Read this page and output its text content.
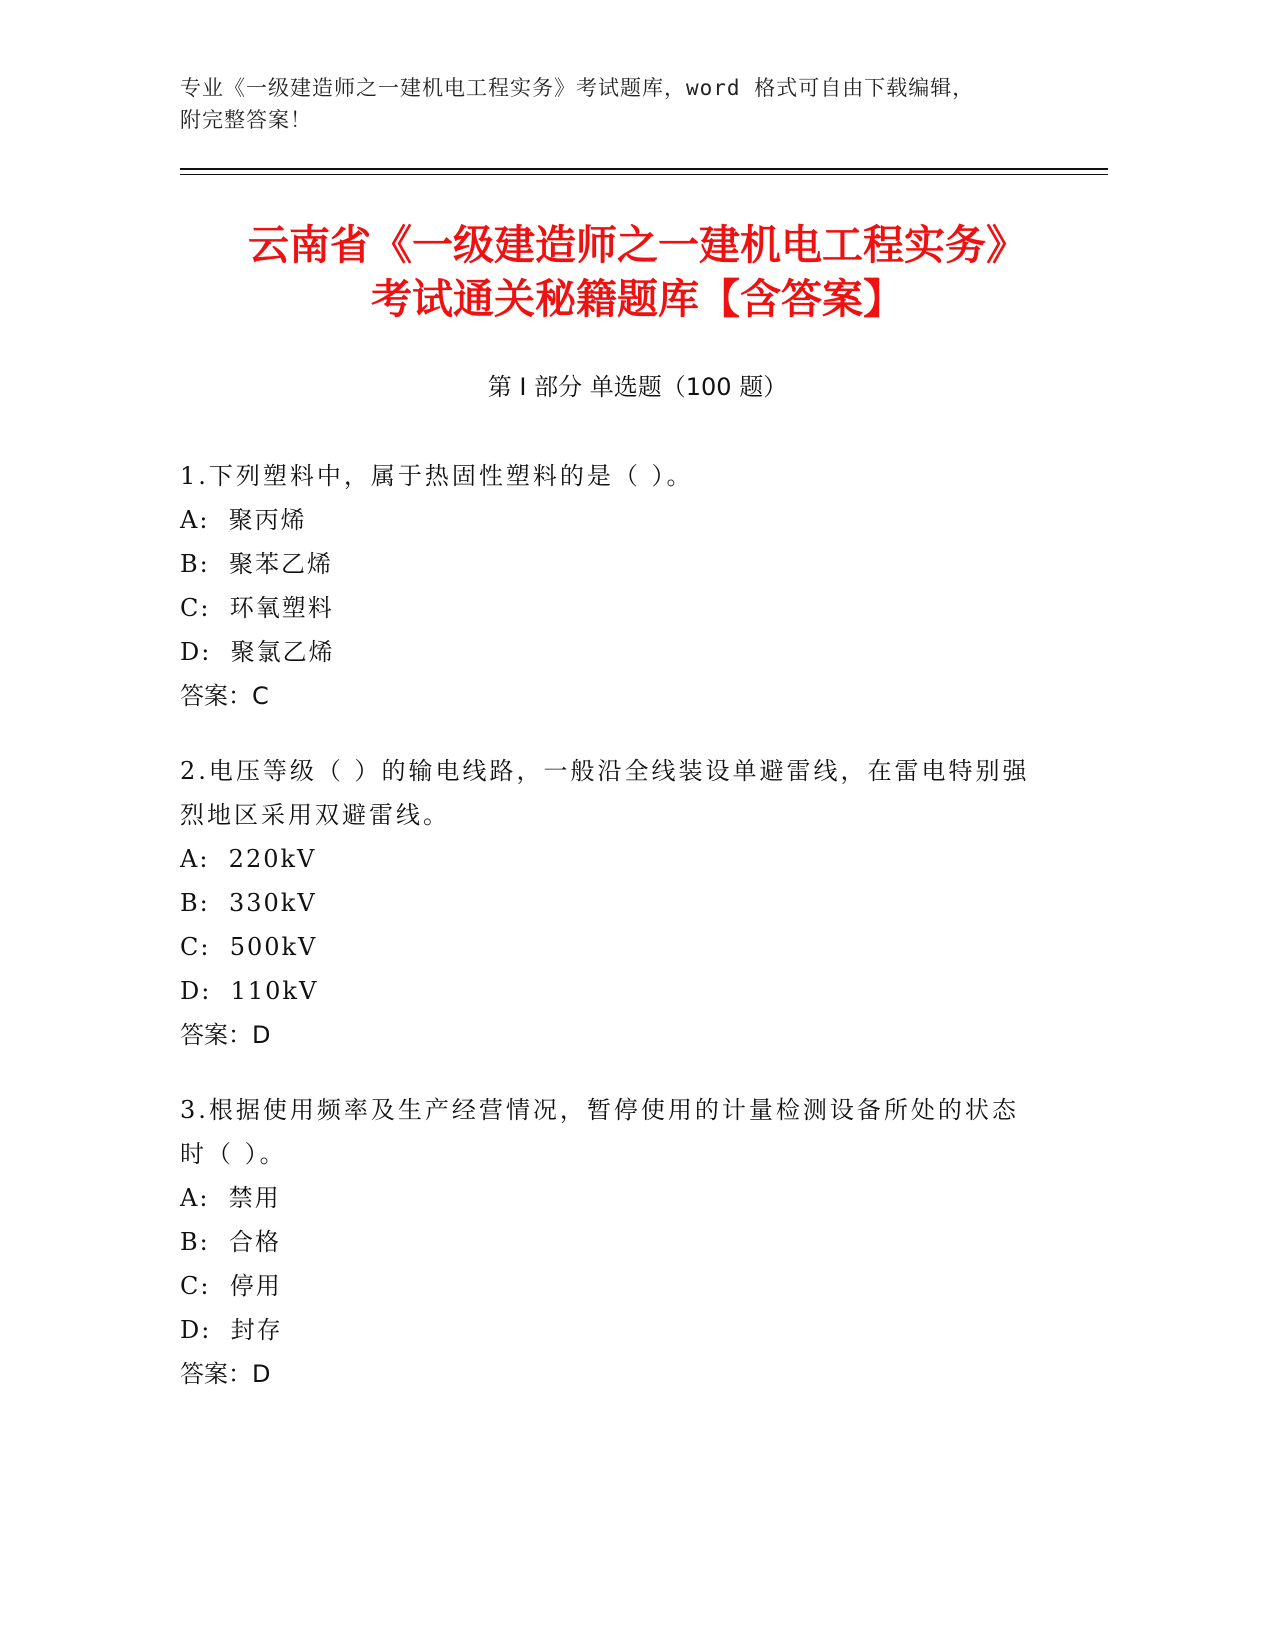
专业《一级建造师之一建机电工程实务》考试题库，word 格式可自由下载编辑，
附完整答案！
云南省《一级建造师之一建机电工程实务》
考试通关秘籍题库【含答案】
第 I 部分 单选题（100 题）
1.下列塑料中，属于热固性塑料的是（ ）。
A:  聚丙烯
B:  聚苯乙烯
C:  环氧塑料
D:  聚氯乙烯
答案：C
2.电压等级（ ）的输电线路，一般沿全线装设单避雷线，在雷电特别强烈地区采用双避雷线。
A:  220kV
B:  330kV
C:  500kV
D:  110kV
答案：D
3.根据使用频率及生产经营情况，暂停使用的计量检测设备所处的状态时（ ）。
A:  禁用
B:  合格
C:  停用
D:  封存
答案：D
